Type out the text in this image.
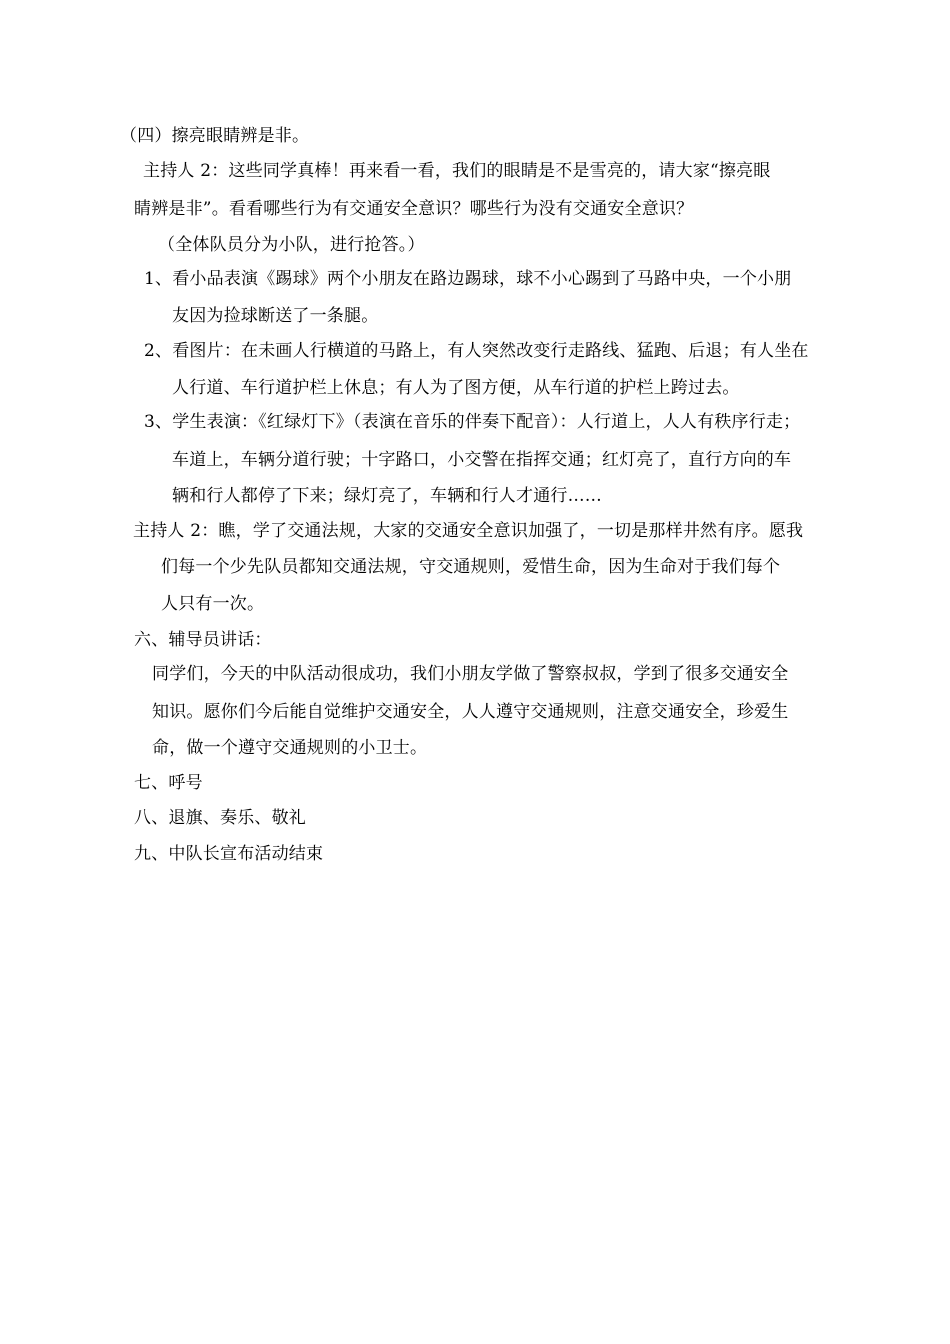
（四）擦亮眼睛辨是非。
主持人 2：这些同学真棒！再来看一看，我们的眼睛是不是雪亮的，请大家“擦亮眼
睛辨是非”。看看哪些行为有交通安全意识？哪些行为没有交通安全意识？
（全体队员分为小队，进行抢答。）
1、看小品表演《踢球》两个小朋友在路边踢球，球不小心踢到了马路中央，一个小朋
友因为捡球断送了一条腿。
2、看图片：在未画人行横道的马路上，有人突然改变行走路线、猛跑、后退；有人坐在
人行道、车行道护栏上休息；有人为了图方便，从车行道的护栏上跨过去。
3、学生表演：《红绿灯下》（表演在音乐的伴奏下配音）：人行道上，人人有秩序行走；
车道上，车辆分道行驶；十字路口，小交警在指挥交通；红灯亮了，直行方向的车
辆和行人都停了下来；绿灯亮了，车辆和行人才通行……
主持人 2：瞧，学了交通法规，大家的交通安全意识加强了，一切是那样井然有序。愿我
们每一个少先队员都知交通法规，守交通规则，爱惜生命，因为生命对于我们每个
人只有一次。
六、辅导员讲话：
同学们，今天的中队活动很成功，我们小朋友学做了警察叔叔，学到了很多交通安全
知识。愿你们今后能自觉维护交通安全，人人遵守交通规则，注意交通安全，珍爱生
命，做一个遵守交通规则的小卫士。
七、呼号
八、退旗、奏乐、敬礼
九、中队长宣布活动结束
